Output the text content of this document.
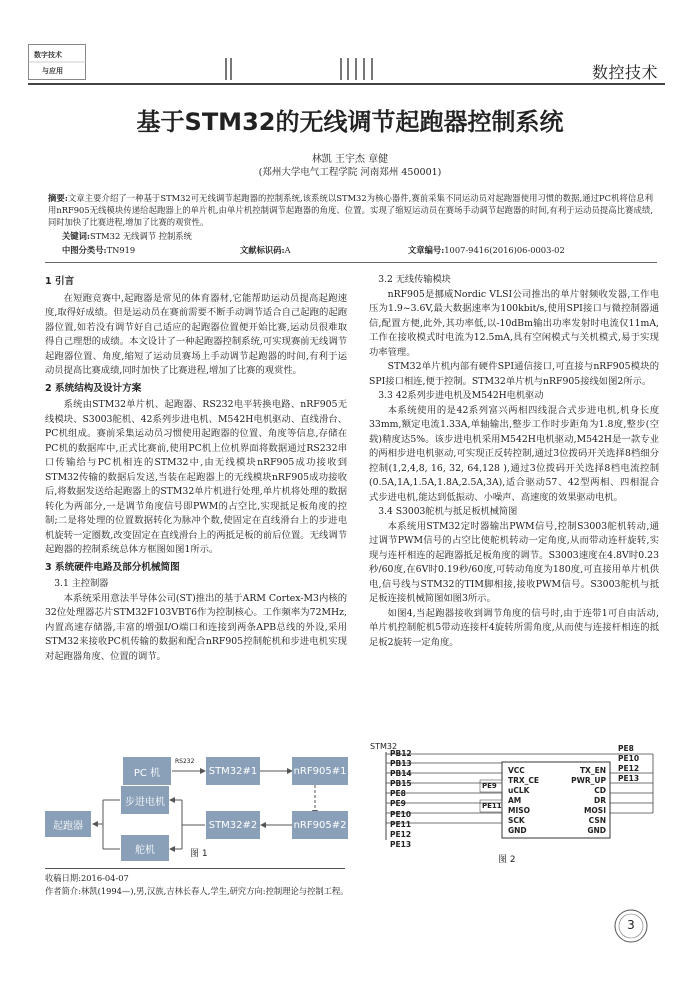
数字技术
与应用	数控技术
基于STM32的无线调节起跑器控制系统
林凯 王宇杰 章健
(郑州大学电气工程学院 河南郑州 450001)
摘要:文章主要介绍了一种基于STM32可无线调节起跑器的控制系统,该系统以STM32为核心器件,赛前采集不同运动员对起跑器使用习惯的数据,通过PC机将信息利用nRF905无线模块传递给起跑器上的单片机,由单片机控制调节起跑器的角度、位置。实现了缩短运动员在赛场手动调节起跑器的时间,有利于运动员提高比赛成绩,同时加快了比赛进程,增加了比赛的观赏性。
关键词:STM32 无线调节 控制系统
中图分类号:TN919	文献标识码:A	文章编号:1007-9416(2016)06-0003-02
1 引言

在短跑竞赛中,起跑器是常见的体育器材,它能帮助运动员提高起跑速度,取得好成绩。但是运动员在赛前需要不断手动调节适合自己起跑的起跑器位置,如若没有调节好自己适应的起跑器位置便开始比赛,运动员很难取得自己理想的成绩。本文设计了一种起跑器控制系统,可实现赛前无线调节起跑器位置、角度,缩短了运动员赛场上手动调节起跑器的时间,有利于运动员提高比赛成绩,同时加快了比赛进程,增加了比赛的观赏性。

2 系统结构及设计方案

系统由STM32单片机、起跑器、RS232电平转换电路、nRF905无线模块、S3003舵机、42系列步进电机、M542H电机驱动、直线滑台、PC机组成。赛前采集运动员习惯使用起跑器的位置、角度等信息,存储在PC机的数据库中,正式比赛前,使用PC机上位机界面将数据通过RS232串口传输给与PC机相连的STM32中,由无线模块nRF905成功接收到STM32传输的数据后发送,当装在起跑器上的无线模块nRF905成功接收后,将数据发送给起跑器上的STM32单片机进行处理,单片机将处理的数据转化为两部分,一是调节角度信号即PWM的占空比,实现抵足板角度的控制;二是将处理的位置数据转化为脉冲个数,使固定在直线滑台上的步进电机旋转一定圈数,改变固定在直线滑台上的两抵足板的前后位置。无线调节起跑器的控制系统总体方框图如图1所示。

3 系统硬件电路及部分机械简图
3.1 主控制器

本系统采用意法半导体公司(ST)推出的基于ARM Cortex-M3内核的32位处理器芯片STM32F103VBT6作为控制核心。工作频率为72MHz,内置高速存储器,丰富的增强I/O端口和连接到两条APB总线的外设,采用STM32来接收PC机传输的数据和配合nRF905控制舵机和步进电机实现对起跑器角度、位置的调节。

3.2 无线传输模块

nRF905是挪威Nordic VLSI公司推出的单片射频收发器,工作电压为1.9~3.6V,最大数据速率为100kbit/s,使用SPI接口与微控制器通信,配置方便,此外,其功率低,以-10dBm输出功率发射时电流仅11mA,工作在接收模式时电流为12.5mA,具有空闲模式与关机模式,易于实现功率管理。

STM32单片机内部有硬件SPI通信接口,可直接与nRF905模块的SPI接口相连,便于控制。STM32单片机与nRF905接线如图2所示。

3.3 42系列步进电机及M542H电机驱动

本系统使用的是42系列富兴两相四线混合式步进电机,机身长度33mm,额定电流1.33A,单轴输出,整步工作时步距角为1.8度,整步(空载)精度达5%。该步进电机采用M542H电机驱动,M542H是一款专业的两相步进电机驱动,可实现正反转控制,通过3位拨码开关选择8档细分控制(1,2,4,8, 16, 32, 64,128 ),通过3位拨码开关选择8档电流控制(0.5A,1A,1.5A,1.8A,2.5A,3A),适合驱动57、42型两相、四相混合式步进电机,能达到低振动、小噪声、高速度的效果驱动电机。

3.4 S3003舵机与抵足板机械简图

本系统用STM32定时器输出PWM信号,控制S3003舵机转动,通过调节PWM信号的占空比使舵机转动一定角度,从而带动连杆旋转,实现与连杆相连的起跑器抵足板角度的调节。S3003速度在4.8V时0.23秒/60度,在6V时0.19秒/60度,可转动角度为180度,可直接用单片机供电,信号线与STM32的TIM脚相接,接收PWM信号。S3003舵机与抵足板连接机械简图如图3所示。

如图4,当起跑器接收到调节角度的信号时,由于连带1可自由活动,单片机控制舵机5带动连接杆4旋转所需角度,从而使与连接杆相连的抵足板2旋转一定角度。

PC 机
RS232
STM32#1	nRF905#1
步进电机
起跑器	STM32#2	nRF905#2
舵机	图 1
STM32
PB12
PB13
PB14
PB15
PE8
PE9
PE10
PE11
PE12
PE13
PE9
PE11
VCC
TRX_CE
uCLK
AM
MISO
SCK
GND
TX_EN
PWR_UP
CD
DR
MOSI
CSN
GND
PE8
PE10
PE12
PE13
图 2
收稿日期:2016-04-07
作者简介:林凯(1994—),男,汉族,吉林长春人,学生,研究方向:控制理论与控制工程。
3
